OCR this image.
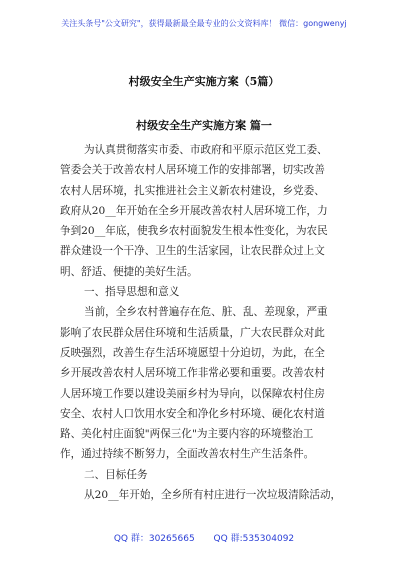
关注头条号"公文研究"，获得最新最全最专业的公文资料库！ 微信：gongwenyj
村级安全生产实施方案（5篇）
村级安全生产实施方案 篇一
为认真贯彻落实市委、市政府和平原示范区党工委、
管委会关于改善农村人居环境工作的安排部署，切实改善
农村人居环境，扎实推进社会主义新农村建设，乡党委、
政府从20__年开始在全乡开展改善农村人居环境工作，力
争到20__年底，使我乡农村面貌发生根本性变化，为农民
群众建设一个干净、卫生的生活家园，让农民群众过上文
明、舒适、便捷的美好生活。
一、指导思想和意义
当前，全乡农村普遍存在危、脏、乱、差现象，严重
影响了农民群众居住环境和生活质量，广大农民群众对此
反映强烈，改善生存生活环境愿望十分迫切，为此，在全
乡开展改善农村人居环境工作非常必要和重要。改善农村
人居环境工作要以建设美丽乡村为导向，以保障农村住房
安全、农村人口饮用水安全和净化乡村环境、硬化农村道
路、美化村庄面貌"两保三化"为主要内容的环境整治工
作，通过持续不断努力，全面改善农村生产生活条件。
二、目标任务
从20__年开始，全乡所有村庄进行一次垃圾清除活动，
QQ 群：30265665 QQ 群:535304092
